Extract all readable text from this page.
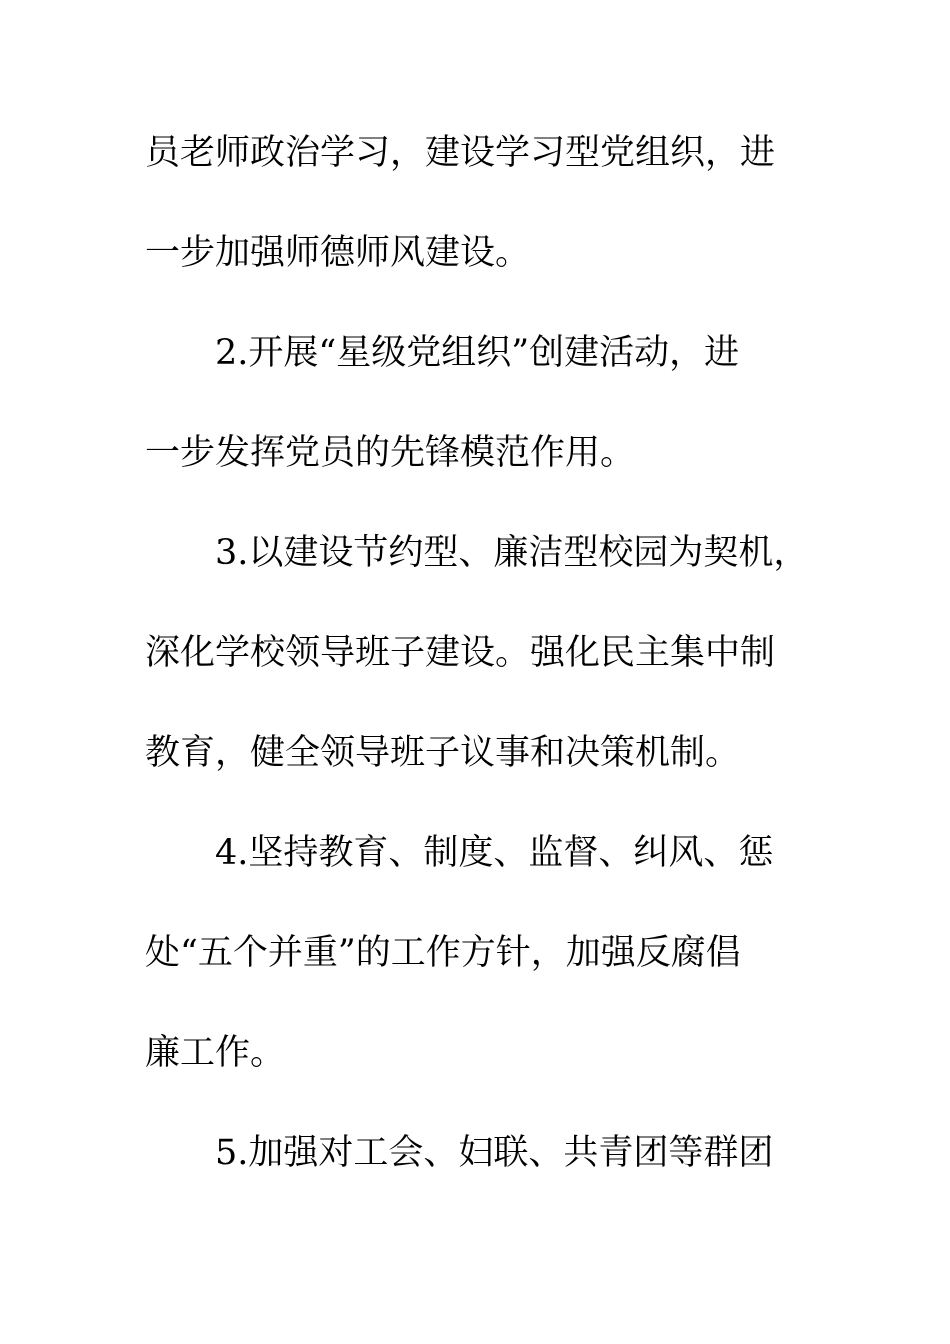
员老师政治学习，建设学习型党组织，进
一步加强师德师风建设。
2.开展“星级党组织”创建活动，进
一步发挥党员的先锋模范作用。
3.以建设节约型、廉洁型校园为契机，
深化学校领导班子建设。强化民主集中制
教育，健全领导班子议事和决策机制。
4.坚持教育、制度、监督、纠风、惩
处“五个并重”的工作方针，加强反腐倡
廉工作。
5.加强对工会、妇联、共青团等群团
